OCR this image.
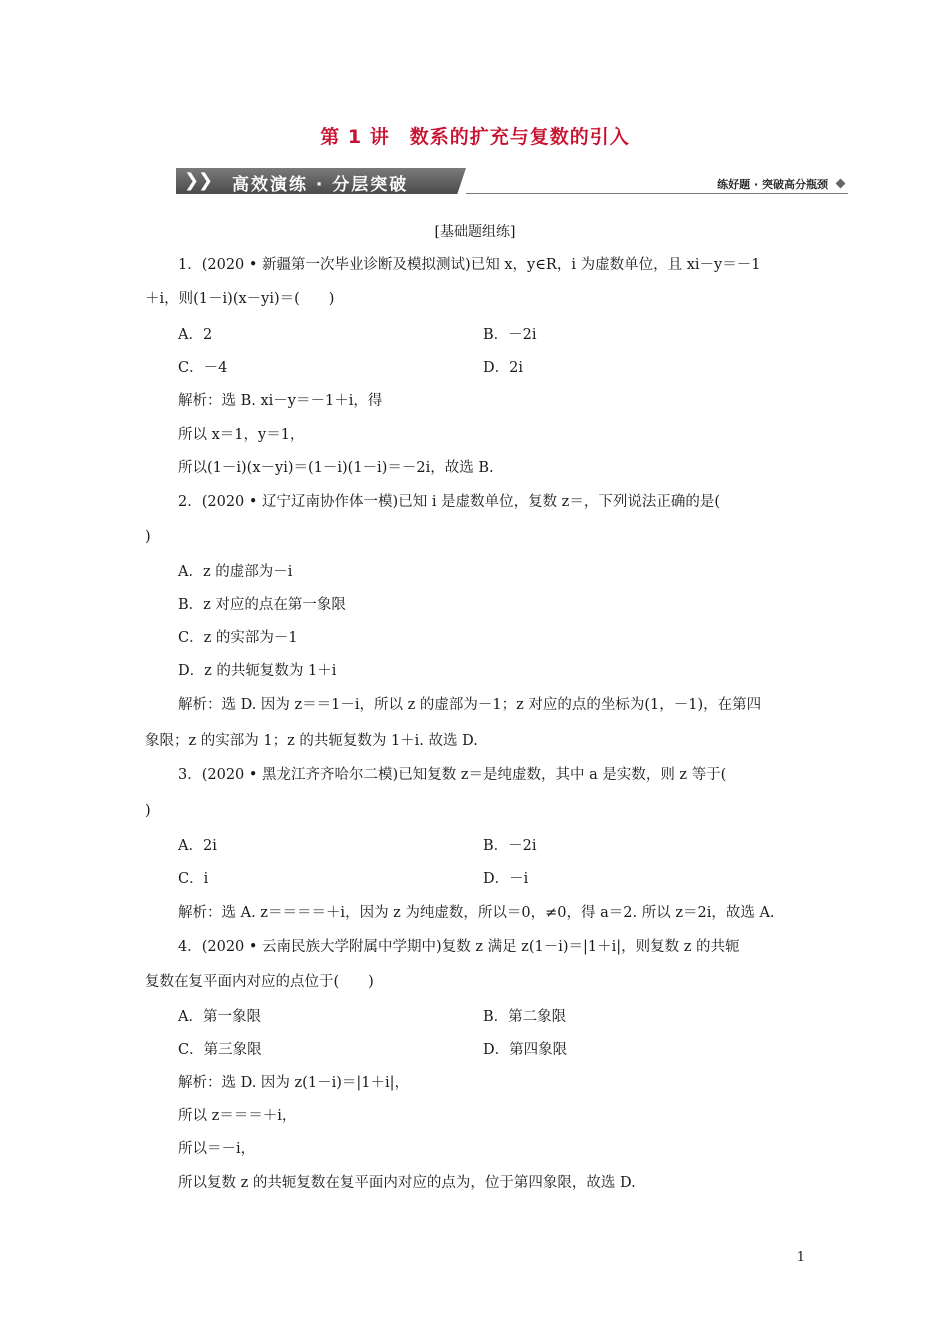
第 1 讲　数系的扩充与复数的引入
❯
❯ 高效演练 · 分层突破	练好题 · 突破高分瓶颈
[基础题组练]
1．(2020 • 新疆第一次毕业诊断及模拟测试)已知 x，y∈R，i 为虚数单位，且 xi－y＝－1
＋i，则(1－i)(x－yi)＝(　　)
A．2	B．－2i
C．－4	D．2i
解析：选 B. xi－y＝－1＋i，得
所以 x＝1，y＝1，
所以(1－i)(x－yi)＝(1－i)(1－i)＝－2i，故选 B.
2．(2020 • 辽宁辽南协作体一模)已知 i 是虚数单位，复数 z＝，下列说法正确的是(
)
A．z 的虚部为－i
B．z 对应的点在第一象限
C．z 的实部为－1
D．z 的共轭复数为 1＋i
解析：选 D. 因为 z＝＝1－i，所以 z 的虚部为－1；z 对应的点的坐标为(1，－1)，在第四
象限；z 的实部为 1；z 的共轭复数为 1＋i. 故选 D.
3．(2020 • 黑龙江齐齐哈尔二模)已知复数 z＝是纯虚数，其中 a 是实数，则 z 等于(
)
A．2i	B．－2i
C．i	D．－i
解析：选 A. z＝＝＝＝＋i，因为 z 为纯虚数，所以＝0，≠0，得 a＝2. 所以 z＝2i，故选 A.
4．(2020 • 云南民族大学附属中学期中)复数 z 满足 z(1－i)＝|1＋i|，则复数 z 的共轭
复数在复平面内对应的点位于(　　)
A．第一象限	B．第二象限
C．第三象限	D．第四象限
解析：选 D. 因为 z(1－i)＝|1＋i|，
所以 z＝＝＝＋i，
所以＝－i，
所以复数 z 的共轭复数在复平面内对应的点为，位于第四象限，故选 D.
1
